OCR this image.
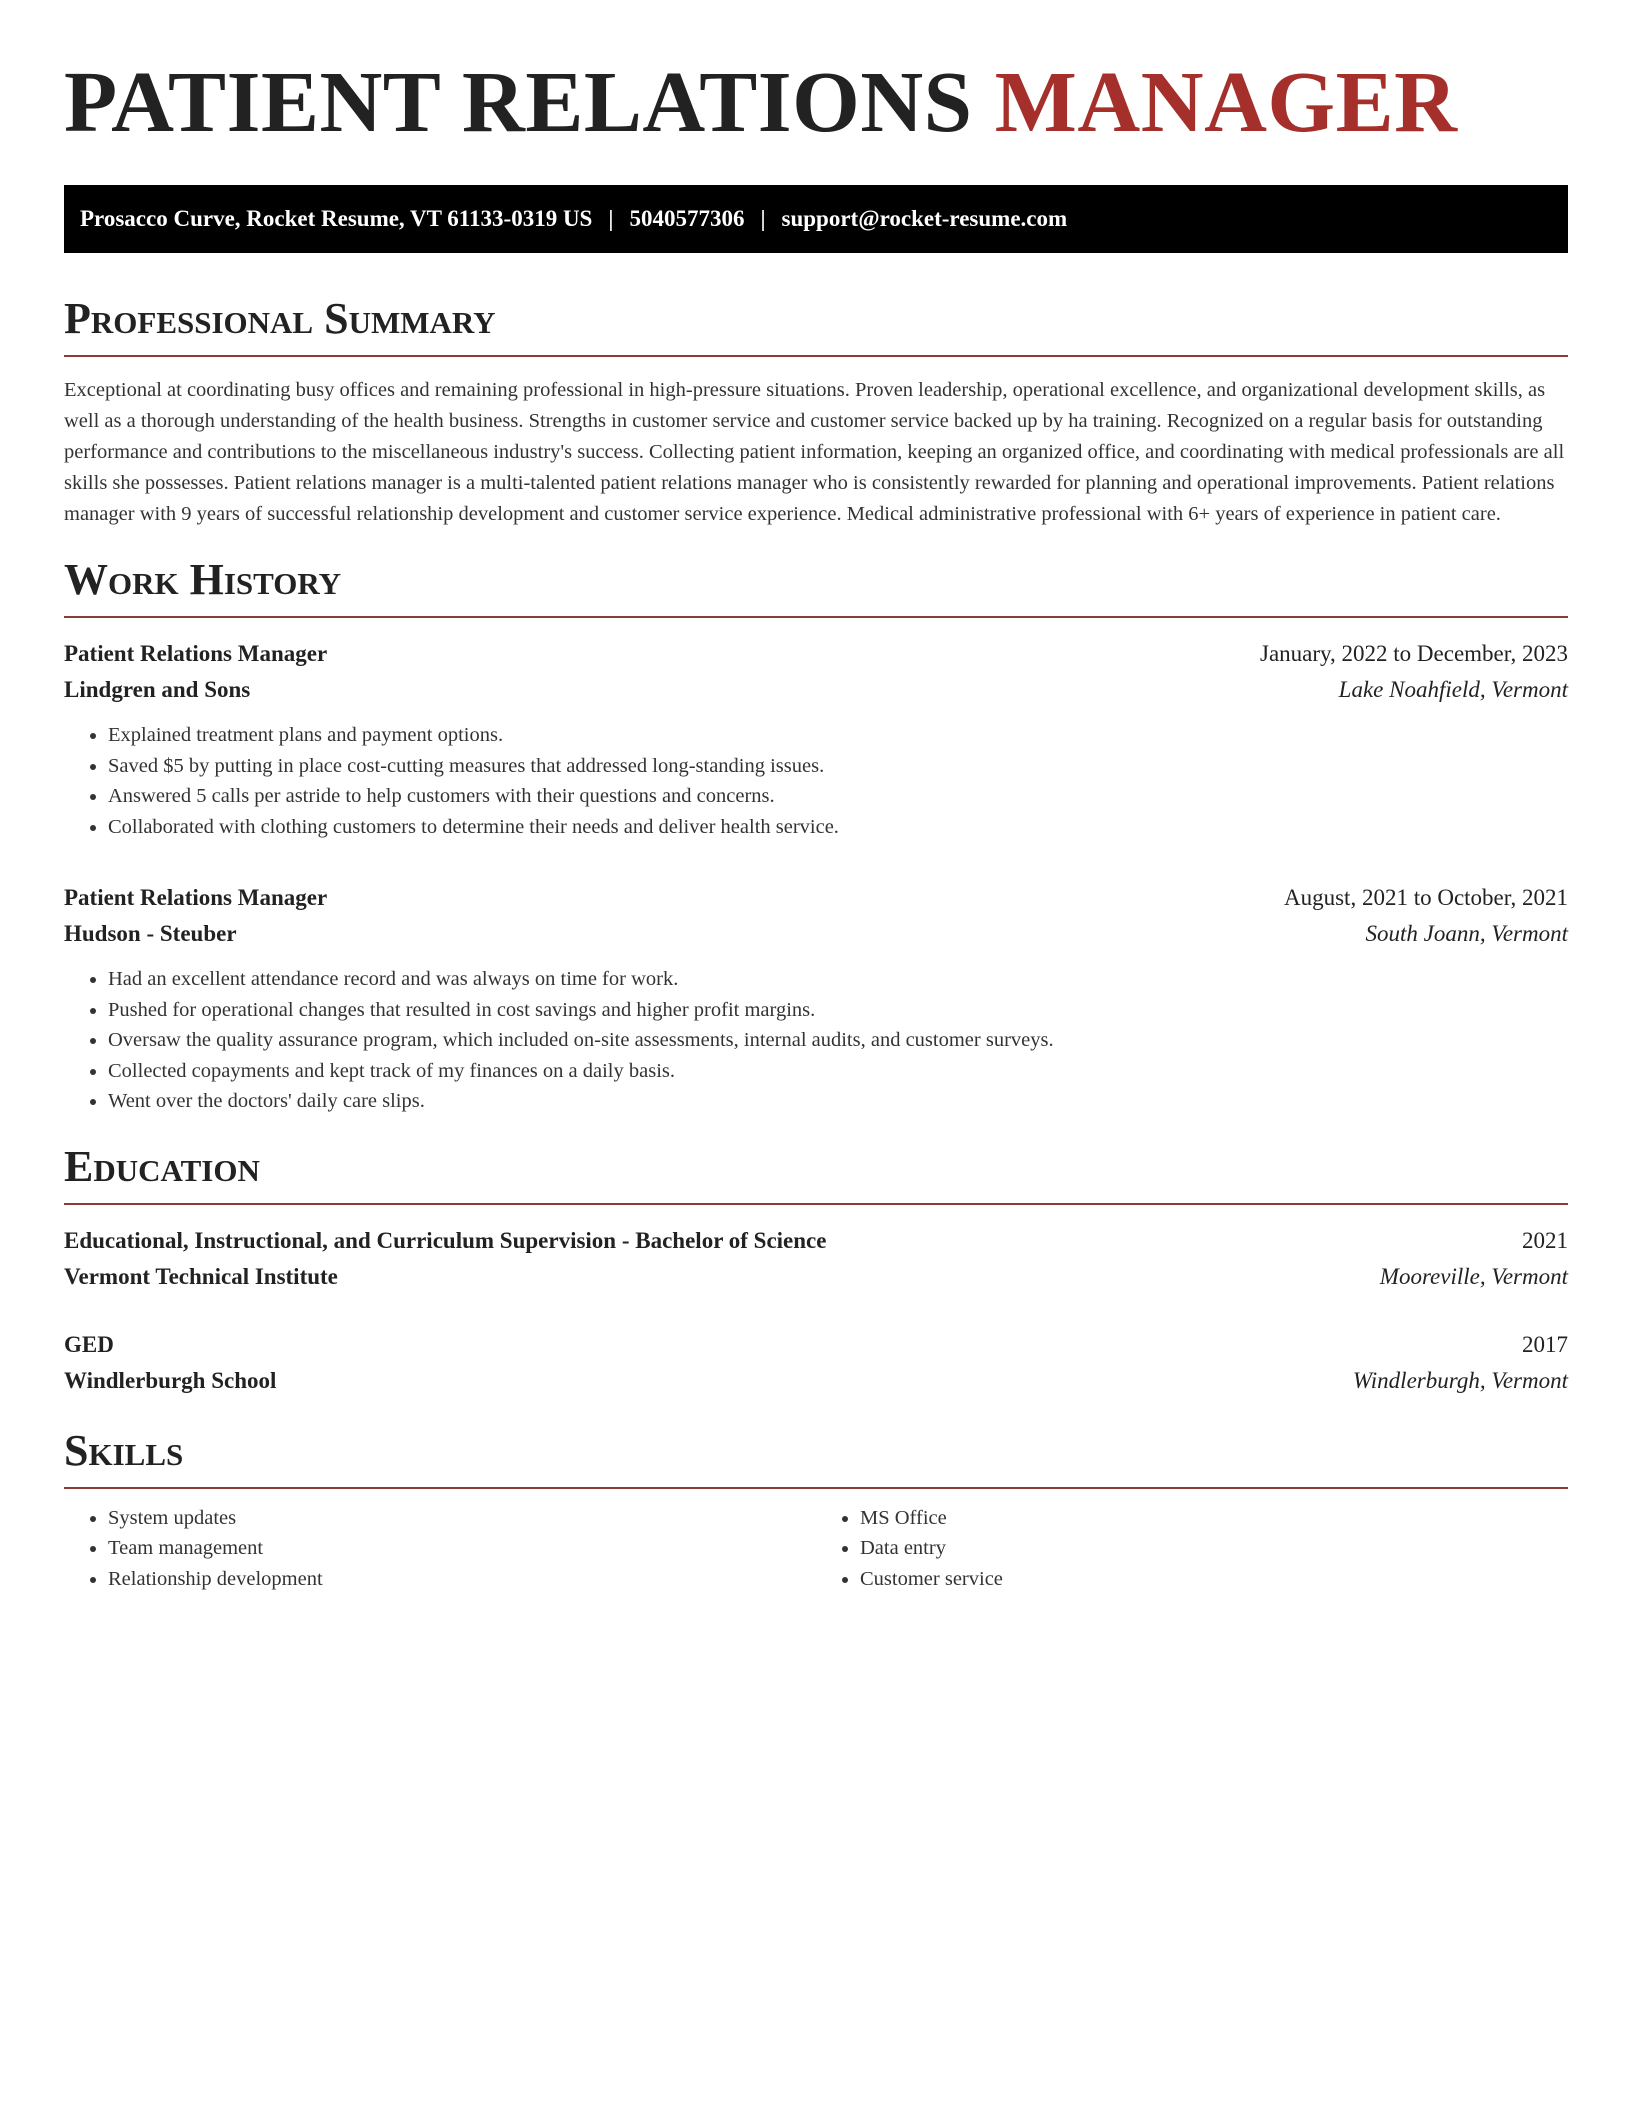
PATIENT RELATIONS MANAGER
Prosacco Curve, Rocket Resume, VT 61133-0319 US | 5040577306 | support@rocket-resume.com
Professional Summary

Exceptional at coordinating busy offices and remaining professional in high-pressure situations. Proven leadership, operational excellence, and organizational development skills, as well as a thorough understanding of the health business. Strengths in customer service and customer service backed up by ha training. Recognized on a regular basis for outstanding performance and contributions to the miscellaneous industry's success. Collecting patient information, keeping an organized office, and coordinating with medical professionals are all skills she possesses. Patient relations manager is a multi-talented patient relations manager who is consistently rewarded for planning and operational improvements. Patient relations manager with 9 years of successful relationship development and customer service experience. Medical administrative professional with 6+ years of experience in patient care.

Work History
Patient Relations Manager	January, 2022 to December, 2023
Lindgren and Sons	Lake Noahfield, Vermont
• Explained treatment plans and payment options.
• Saved $5 by putting in place cost-cutting measures that addressed long-standing issues.
• Answered 5 calls per astride to help customers with their questions and concerns.
• Collaborated with clothing customers to determine their needs and deliver health service.
Patient Relations Manager	August, 2021 to October, 2021
Hudson - Steuber	South Joann, Vermont
• Had an excellent attendance record and was always on time for work.
• Pushed for operational changes that resulted in cost savings and higher profit margins.
• Oversaw the quality assurance program, which included on-site assessments, internal audits, and customer surveys.
• Collected copayments and kept track of my finances on a daily basis.
• Went over the doctors' daily care slips.
Education
Educational, Instructional, and Curriculum Supervision - Bachelor of Science	2021
Vermont Technical Institute	Mooreville, Vermont
GED	2017
Windlerburgh School	Windlerburgh, Vermont
Skills
• System updates
• Team management
• Relationship development
• MS Office
• Data entry
• Customer service
